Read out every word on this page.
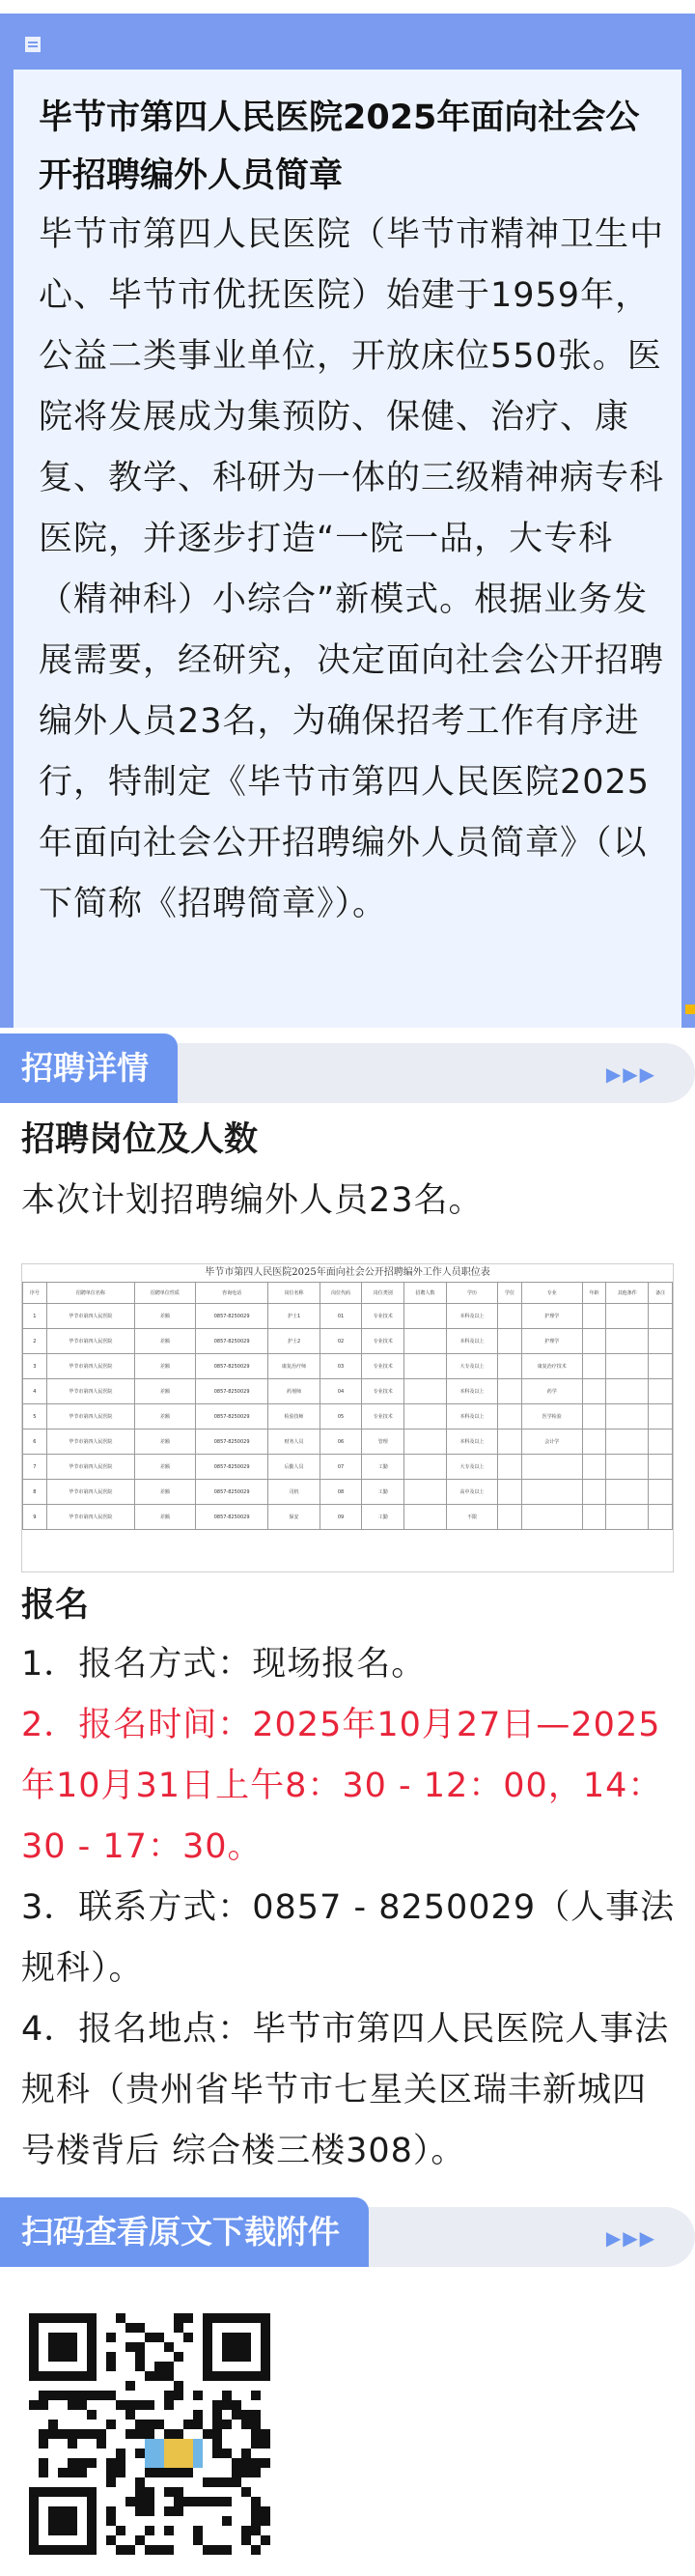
毕节市第四人民医院2025年面向社会公开招聘编外人员简章
毕节市第四人民医院（毕节市精神卫生中心、毕节市优抚医院）始建于1959年，公益二类事业单位，开放床位550张。医院将发展成为集预防、保健、治疗、康复、教学、科研为一体的三级精神病专科医院，并逐步打造“一院一品，大专科（精神科）小综合”新模式。根据业务发展需要，经研究，决定面向社会公开招聘编外人员23名，为确保招考工作有序进行，特制定《毕节市第四人民医院2025年面向社会公开招聘编外人员简章》（以下简称《招聘简章》）。
招聘详情	▶▶▶
招聘岗位及人数
本次计划招聘编外人员23名。
毕节市第四人民医院2025年面向社会公开招聘编外工作人员职位表
序号	招聘单位名称	招聘单位性质	咨询电话	岗位名称	岗位代码	岗位类别	招聘人数	学历	学位	专业	年龄	其他条件	备注
1	毕节市第四人民医院	差额	0857-8250029	护士1	01	专业技术		本科及以上		护理学			
2	毕节市第四人民医院	差额	0857-8250029	护士2	02	专业技术		本科及以上		护理学			
3	毕节市第四人民医院	差额	0857-8250029	康复治疗师	03	专业技术		大专及以上		康复治疗技术			
4	毕节市第四人民医院	差额	0857-8250029	药剂师	04	专业技术		本科及以上		药学			
5	毕节市第四人民医院	差额	0857-8250029	检验技师	05	专业技术		本科及以上		医学检验			
6	毕节市第四人民医院	差额	0857-8250029	财务人员	06	管理		本科及以上		会计学			
7	毕节市第四人民医院	差额	0857-8250029	后勤人员	07	工勤		大专及以上					
8	毕节市第四人民医院	差额	0857-8250029	司机	08	工勤		高中及以上					
9	毕节市第四人民医院	差额	0857-8250029	保安	09	工勤		不限					
报名
1．报名方式：现场报名。
2．报名时间：2025年10月27日—2025年10月31日上午8：30 - 12：00，14：30 - 17：30。
3．联系方式：0857 - 8250029（人事法规科）。
4．报名地点：毕节市第四人民医院人事法规科（贵州省毕节市七星关区瑞丰新城四号楼背后 综合楼三楼308）。
扫码查看原文下载附件	▶▶▶
